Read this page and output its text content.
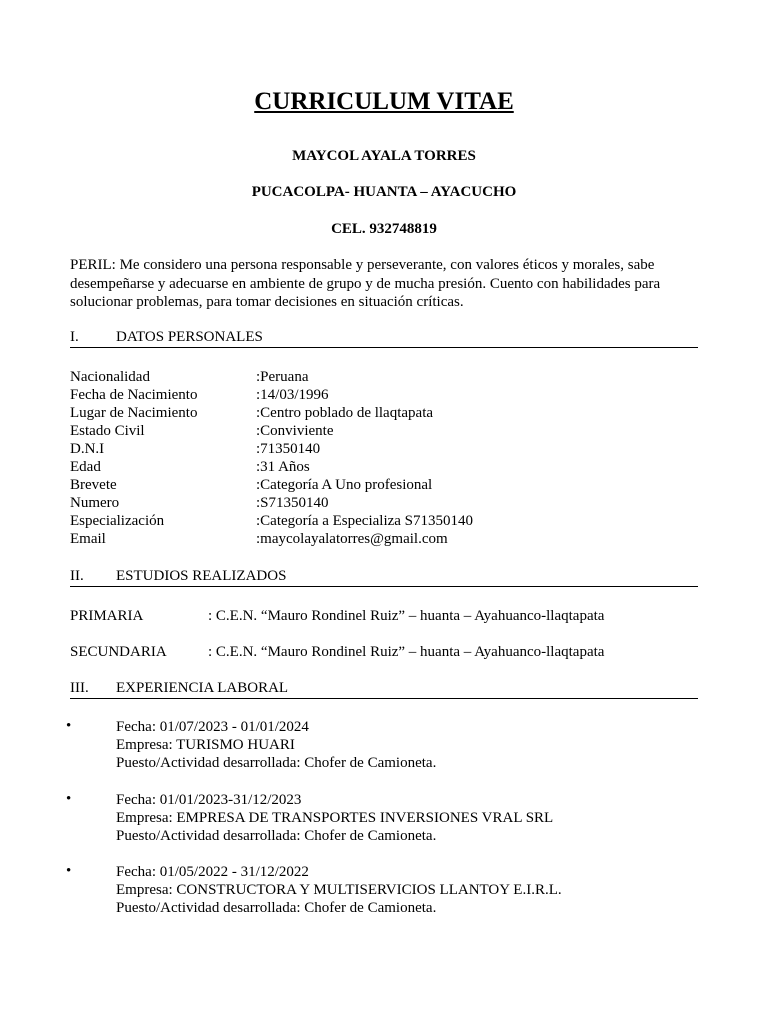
CURRICULUM VITAE
MAYCOL AYALA TORRES
PUCACOLPA- HUANTA – AYACUCHO
CEL. 932748819
PERIL: Me considero una persona responsable y perseverante, con valores éticos y morales, sabe desempeñarse y adecuarse en ambiente de grupo y de mucha presión. Cuento con habilidades para solucionar problemas, para tomar decisiones en situación críticas.
I. DATOS PERSONALES
Nacionalidad	:Peruana
Fecha de Nacimiento	:14/03/1996
Lugar de Nacimiento	:Centro poblado de llaqtapata
Estado Civil	:Conviviente
D.N.I	:71350140
Edad	:31 Años
Brevete	:Categoría A Uno profesional
Numero	:S71350140
Especialización	:Categoría a Especializa S71350140
Email	:maycolayalatorres@gmail.com
II. ESTUDIOS REALIZADOS
PRIMARIA	: C.E.N. “Mauro Rondinel Ruiz” – huanta – Ayahuanco-llaqtapata
SECUNDARIA	: C.E.N. “Mauro Rondinel Ruiz” – huanta – Ayahuanco-llaqtapata
III. EXPERIENCIA LABORAL
•	Fecha: 01/07/2023 - 01/01/2024
Empresa: TURISMO HUARI
Puesto/Actividad desarrollada: Chofer de Camioneta.
•	Fecha: 01/01/2023-31/12/2023
Empresa: EMPRESA DE TRANSPORTES INVERSIONES VRAL SRL
Puesto/Actividad desarrollada: Chofer de Camioneta.
•	Fecha: 01/05/2022 - 31/12/2022
Empresa: CONSTRUCTORA Y MULTISERVICIOS LLANTOY E.I.R.L.
Puesto/Actividad desarrollada: Chofer de Camioneta.
